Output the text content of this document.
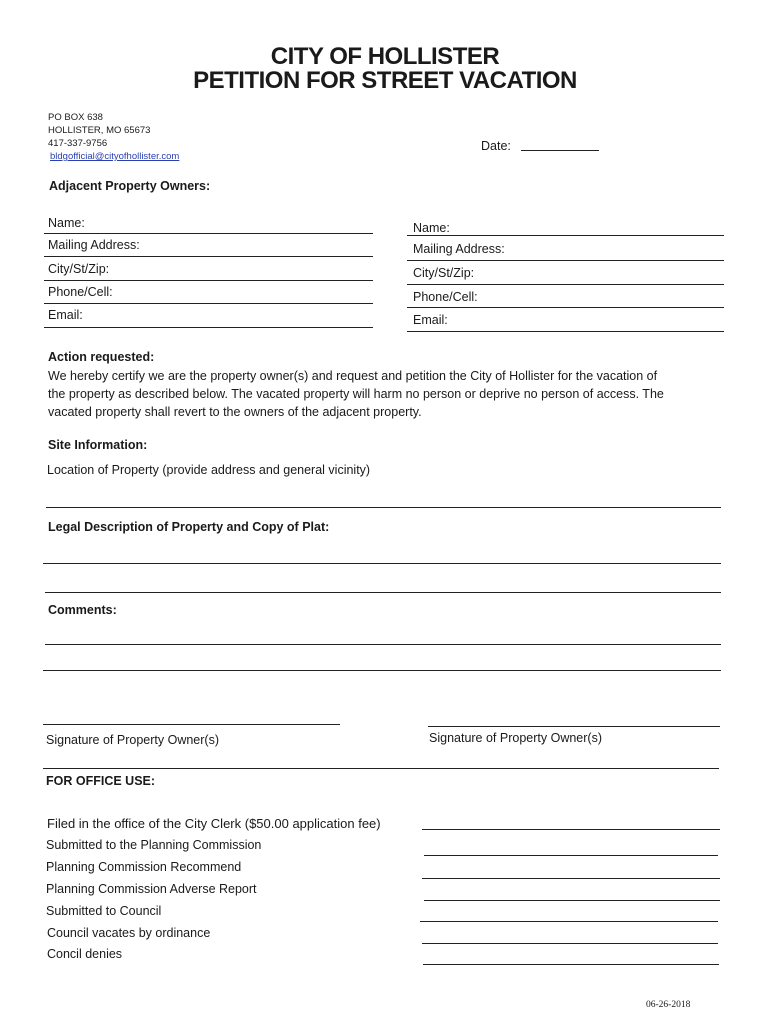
CITY OF HOLLISTER
PETITION FOR STREET VACATION
PO BOX 638
HOLLISTER, MO 65673
417-337-9756
bldgofficial@cityofhollister.com
Date:
Adjacent Property Owners:
Name:
Mailing Address:
City/St/Zip:
Phone/Cell:
Email:
Name:
Mailing Address:
City/St/Zip:
Phone/Cell:
Email:
Action requested:
We hereby certify we are the property owner(s) and request and petition the City of Hollister for the vacation of
the property as described below. The vacated property will harm no person or deprive no person of access. The
vacated property shall revert to the owners of the adjacent property.
Site Information:
Location of Property (provide address and general vicinity)
Legal Description of Property and Copy of Plat:
Comments:
Signature of Property Owner(s)	Signature of Property Owner(s)
FOR OFFICE USE:
Filed in the office of the City Clerk ($50.00 application fee)
Submitted to the Planning Commission
Planning Commission Recommend
Planning Commission Adverse Report
Submitted to Council
Council vacates by ordinance
Concil denies
06-26-2018
